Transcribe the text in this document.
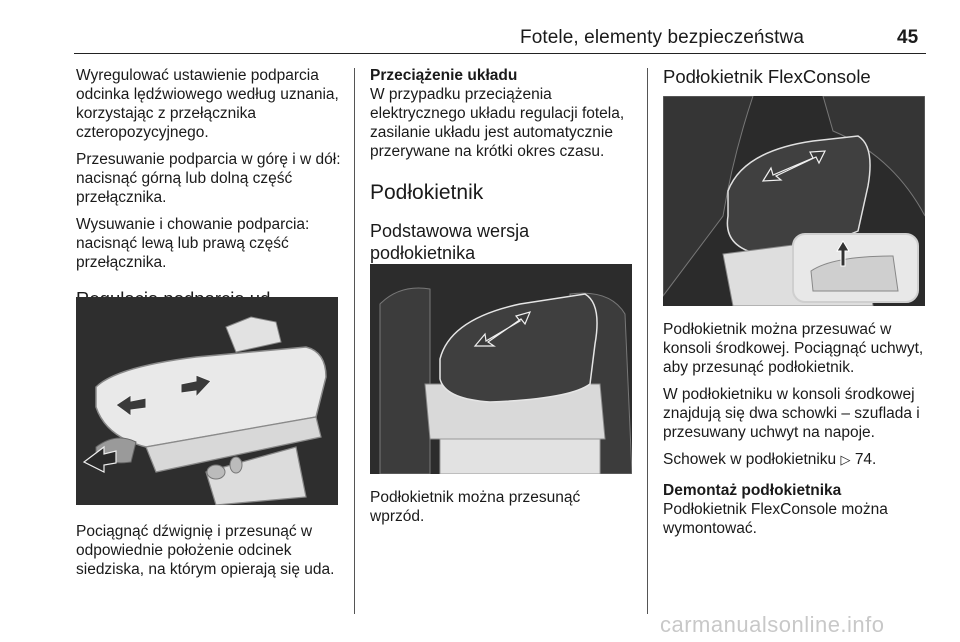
Fotele, elementy bezpieczeństwa	45

Wyregulować ustawienie podparcia odcinka lędźwiowego według uznania, korzystając z przełącznika czteropozycyjnego.

Przesuwanie podparcia w górę i w dół: nacisnąć górną lub dolną część przełącznika.

Wysuwanie i chowanie podparcia: nacisnąć lewą lub prawą część przełącznika.

Pociągnąć dźwignię i przesunąć w odpowiednie położenie odcinek siedziska, na którym opierają się uda.

Przeciążenie układu

W przypadku przeciążenia elektrycznego układu regulacji fotela, zasilanie układu jest automatycznie przerywane na krótki okres czasu.

Podłokietnik
Podstawowa wersja podłokietnika

Podłokietnik można przesunąć wprzód.

Podłokietnik FlexConsole

Podłokietnik można przesuwać w konsoli środkowej. Pociągnąć uchwyt, aby przesunąć podłokietnik.

W podłokietniku w konsoli środkowej znajdują się dwa schowki – szuflada i przesuwany uchwyt na napoje.

Schowek w podłokietniku ▷ 74.

Demontaż podłokietnika

Podłokietnik FlexConsole można wymontować.

carmanualsonline.info
